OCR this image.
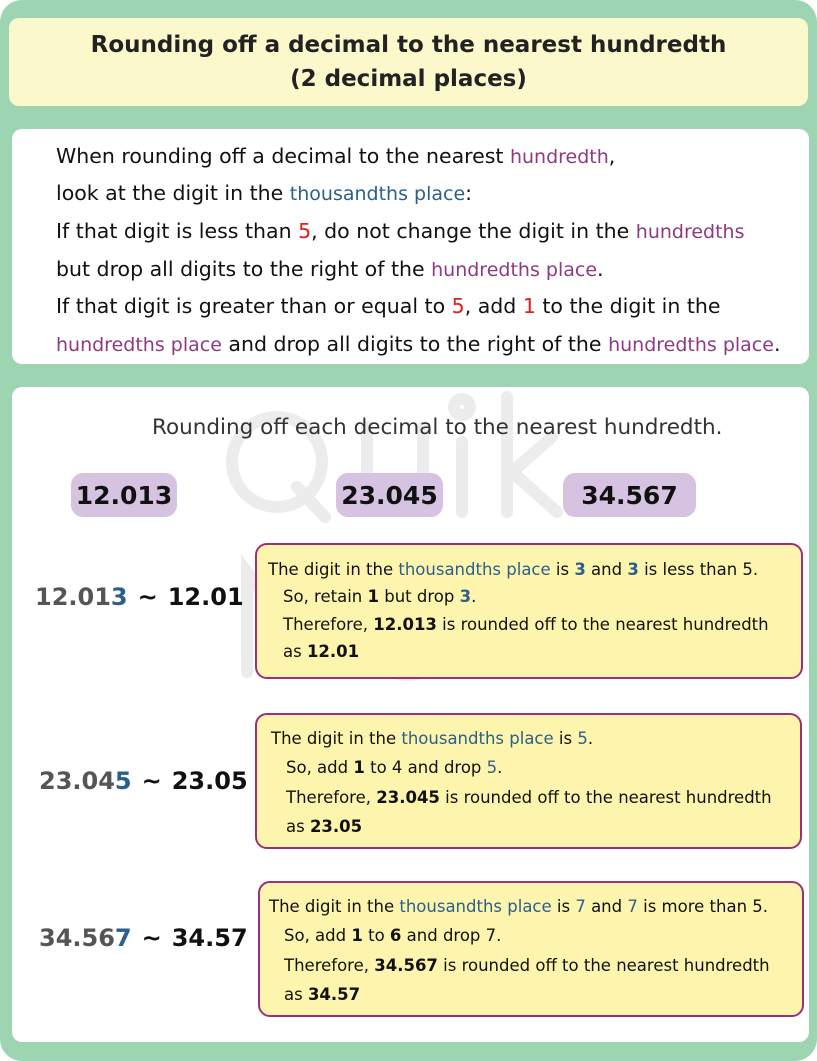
Rounding off a decimal to the nearest hundredth
(2 decimal places)
When rounding off a decimal to the nearest hundredth,
look at the digit in the thousandths place:
If that digit is less than 5, do not change the digit in the hundredths
but drop all digits to the right of the hundredths place.
If that digit is greater than or equal to 5, add 1 to the digit in the
hundredths place and drop all digits to the right of the hundredths place.
Rounding off each decimal to the nearest hundredth.
12.013	23.045	34.567
12.013 ~ 12.01
The digit in the thousandths place is 3 and 3 is less than 5.
So, retain 1 but drop 3.
Therefore, 12.013 is rounded off to the nearest hundredth
as 12.01
23.045 ~ 23.05
The digit in the thousandths place is 5.
So, add 1 to 4 and drop 5.
Therefore, 23.045 is rounded off to the nearest hundredth
as 23.05
34.567 ~ 34.57
The digit in the thousandths place is 7 and 7 is more than 5.
So, add 1 to 6 and drop 7.
Therefore, 34.567 is rounded off to the nearest hundredth
as 34.57
